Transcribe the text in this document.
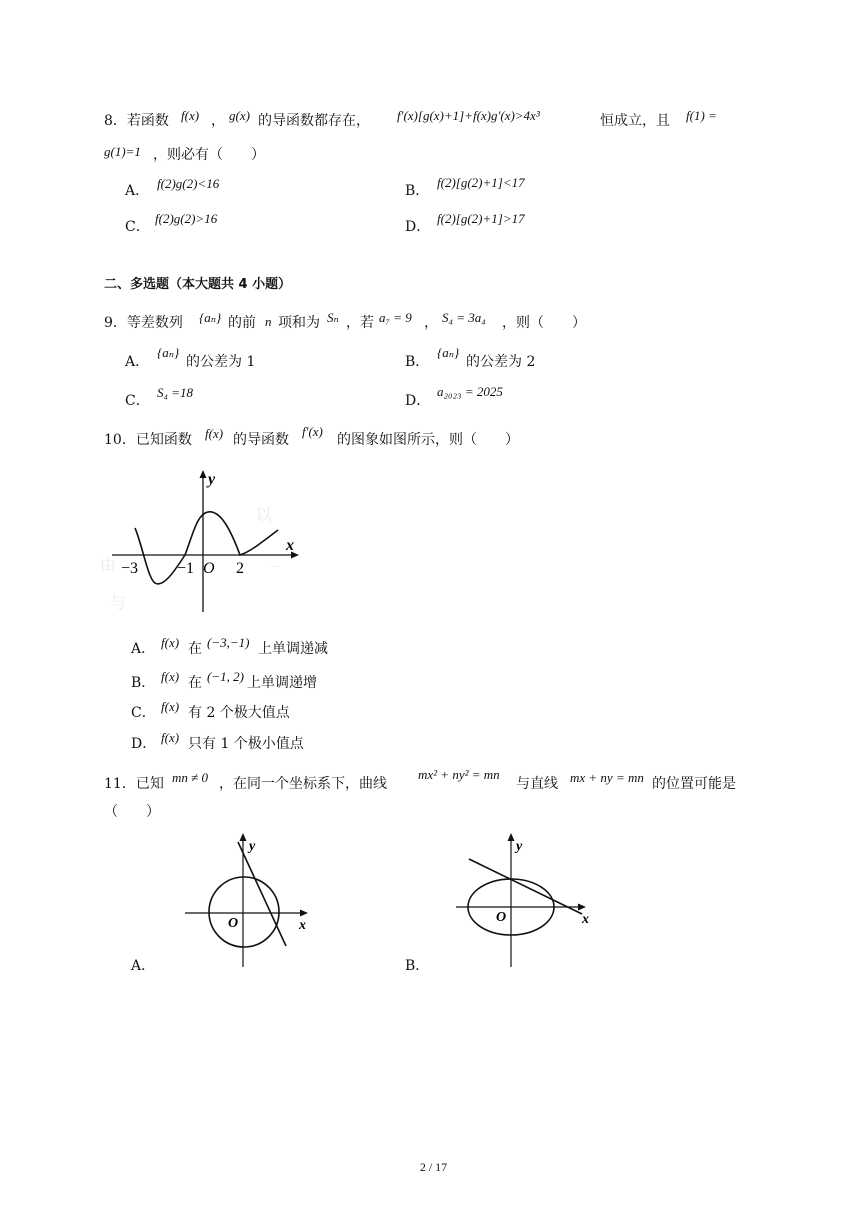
8．若函数 f(x) ， g(x) 的导函数都存在， f′(x)[g(x)+1]+f(x)g′(x)>4x³	恒成立，且 f(1) =
g(1)=1 ，则必有（　　）
A． f(2)g(2)<16	B．
f(2)[g(2)+1]<17
C．
f(2)g(2)>16
D．
f(2)[g(2)+1]>17
二、多选题（本大题共 4 小题）
9．等差数列 {aₙ} 的前 n 项和为 Sₙ ，若 a₇ = 9 ， S₄ = 3a₄ ，则（　　）
A．
{aₙ}
的公差为 1	B．
{aₙ}
的公差为 2
C．
S₄ =18
D．
a₂₀₂₃ = 2025
10．已知函数 f(x) 的导函数
f′(x)
的图象如图所示，则（　　）
以
由
与
−
y
x
−3 −1 O 2
A． f(x) 在 (−3,−1) 上单调递减
B． f(x) 在 (−1, 2) 上单调递增
C． f(x) 有 2 个极大值点
D． f(x) 只有 1 个极小值点
11．已知 mn ≠ 0 ，在同一个坐标系下，曲线
mx² + ny² = mn
与直线 mx + ny = mn 的位置可能是
（　　）
y
x
O
A．
y
x
O
B．
2 / 17
